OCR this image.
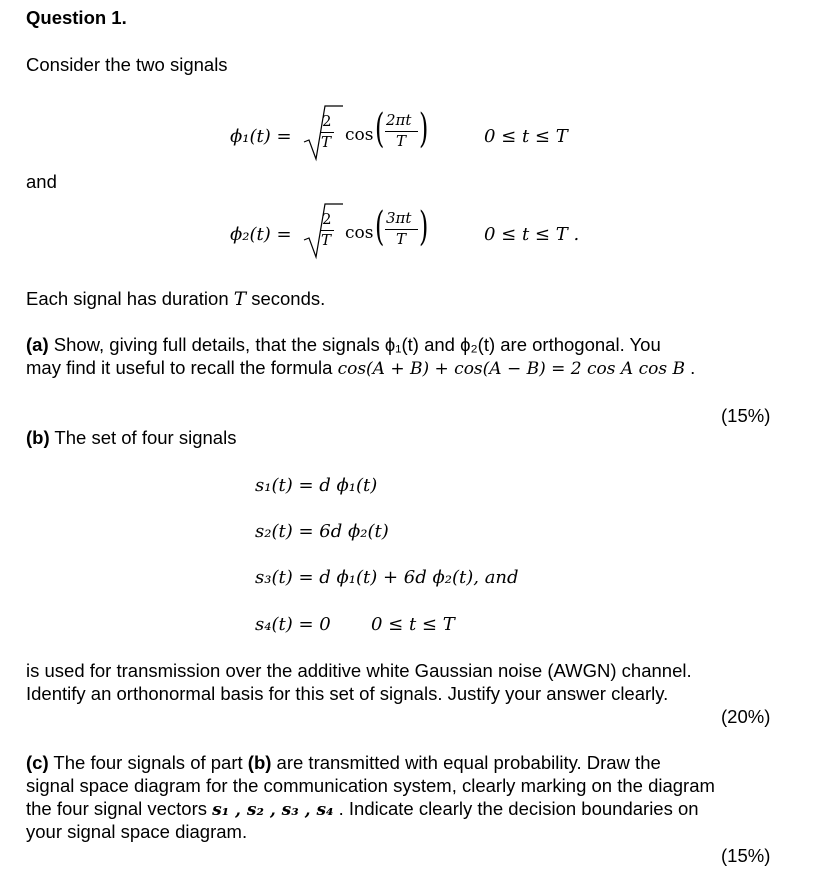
Question 1.
Consider the two signals
ϕ₁(t) =
2
T cos ( 2πt
T )	0 ≤ t ≤ T
and
ϕ₂(t) =
2
T cos ( 3πt
T )	0 ≤ t ≤ T .
Each signal has duration T seconds.
(a) Show, giving full details, that the signals ϕ₁(t) and ϕ₂(t) are orthogonal. You
may find it useful to recall the formula cos(A + B) + cos(A − B) = 2 cos A cos B .
(15%)
(b) The set of four signals
s₁(t) = d ϕ₁(t)
s₂(t) = 6d ϕ₂(t)
s₃(t) = d ϕ₁(t) + 6d ϕ₂(t), and
s₄(t) = 0 0 ≤ t ≤ T
is used for transmission over the additive white Gaussian noise (AWGN) channel.
Identify an orthonormal basis for this set of signals. Justify your answer clearly.
(20%)
(c) The four signals of part (b) are transmitted with equal probability. Draw the
signal space diagram for the communication system, clearly marking on the diagram
the four signal vectors s₁ , s₂ , s₃ , s₄ . Indicate clearly the decision boundaries on
your signal space diagram.
(15%)
